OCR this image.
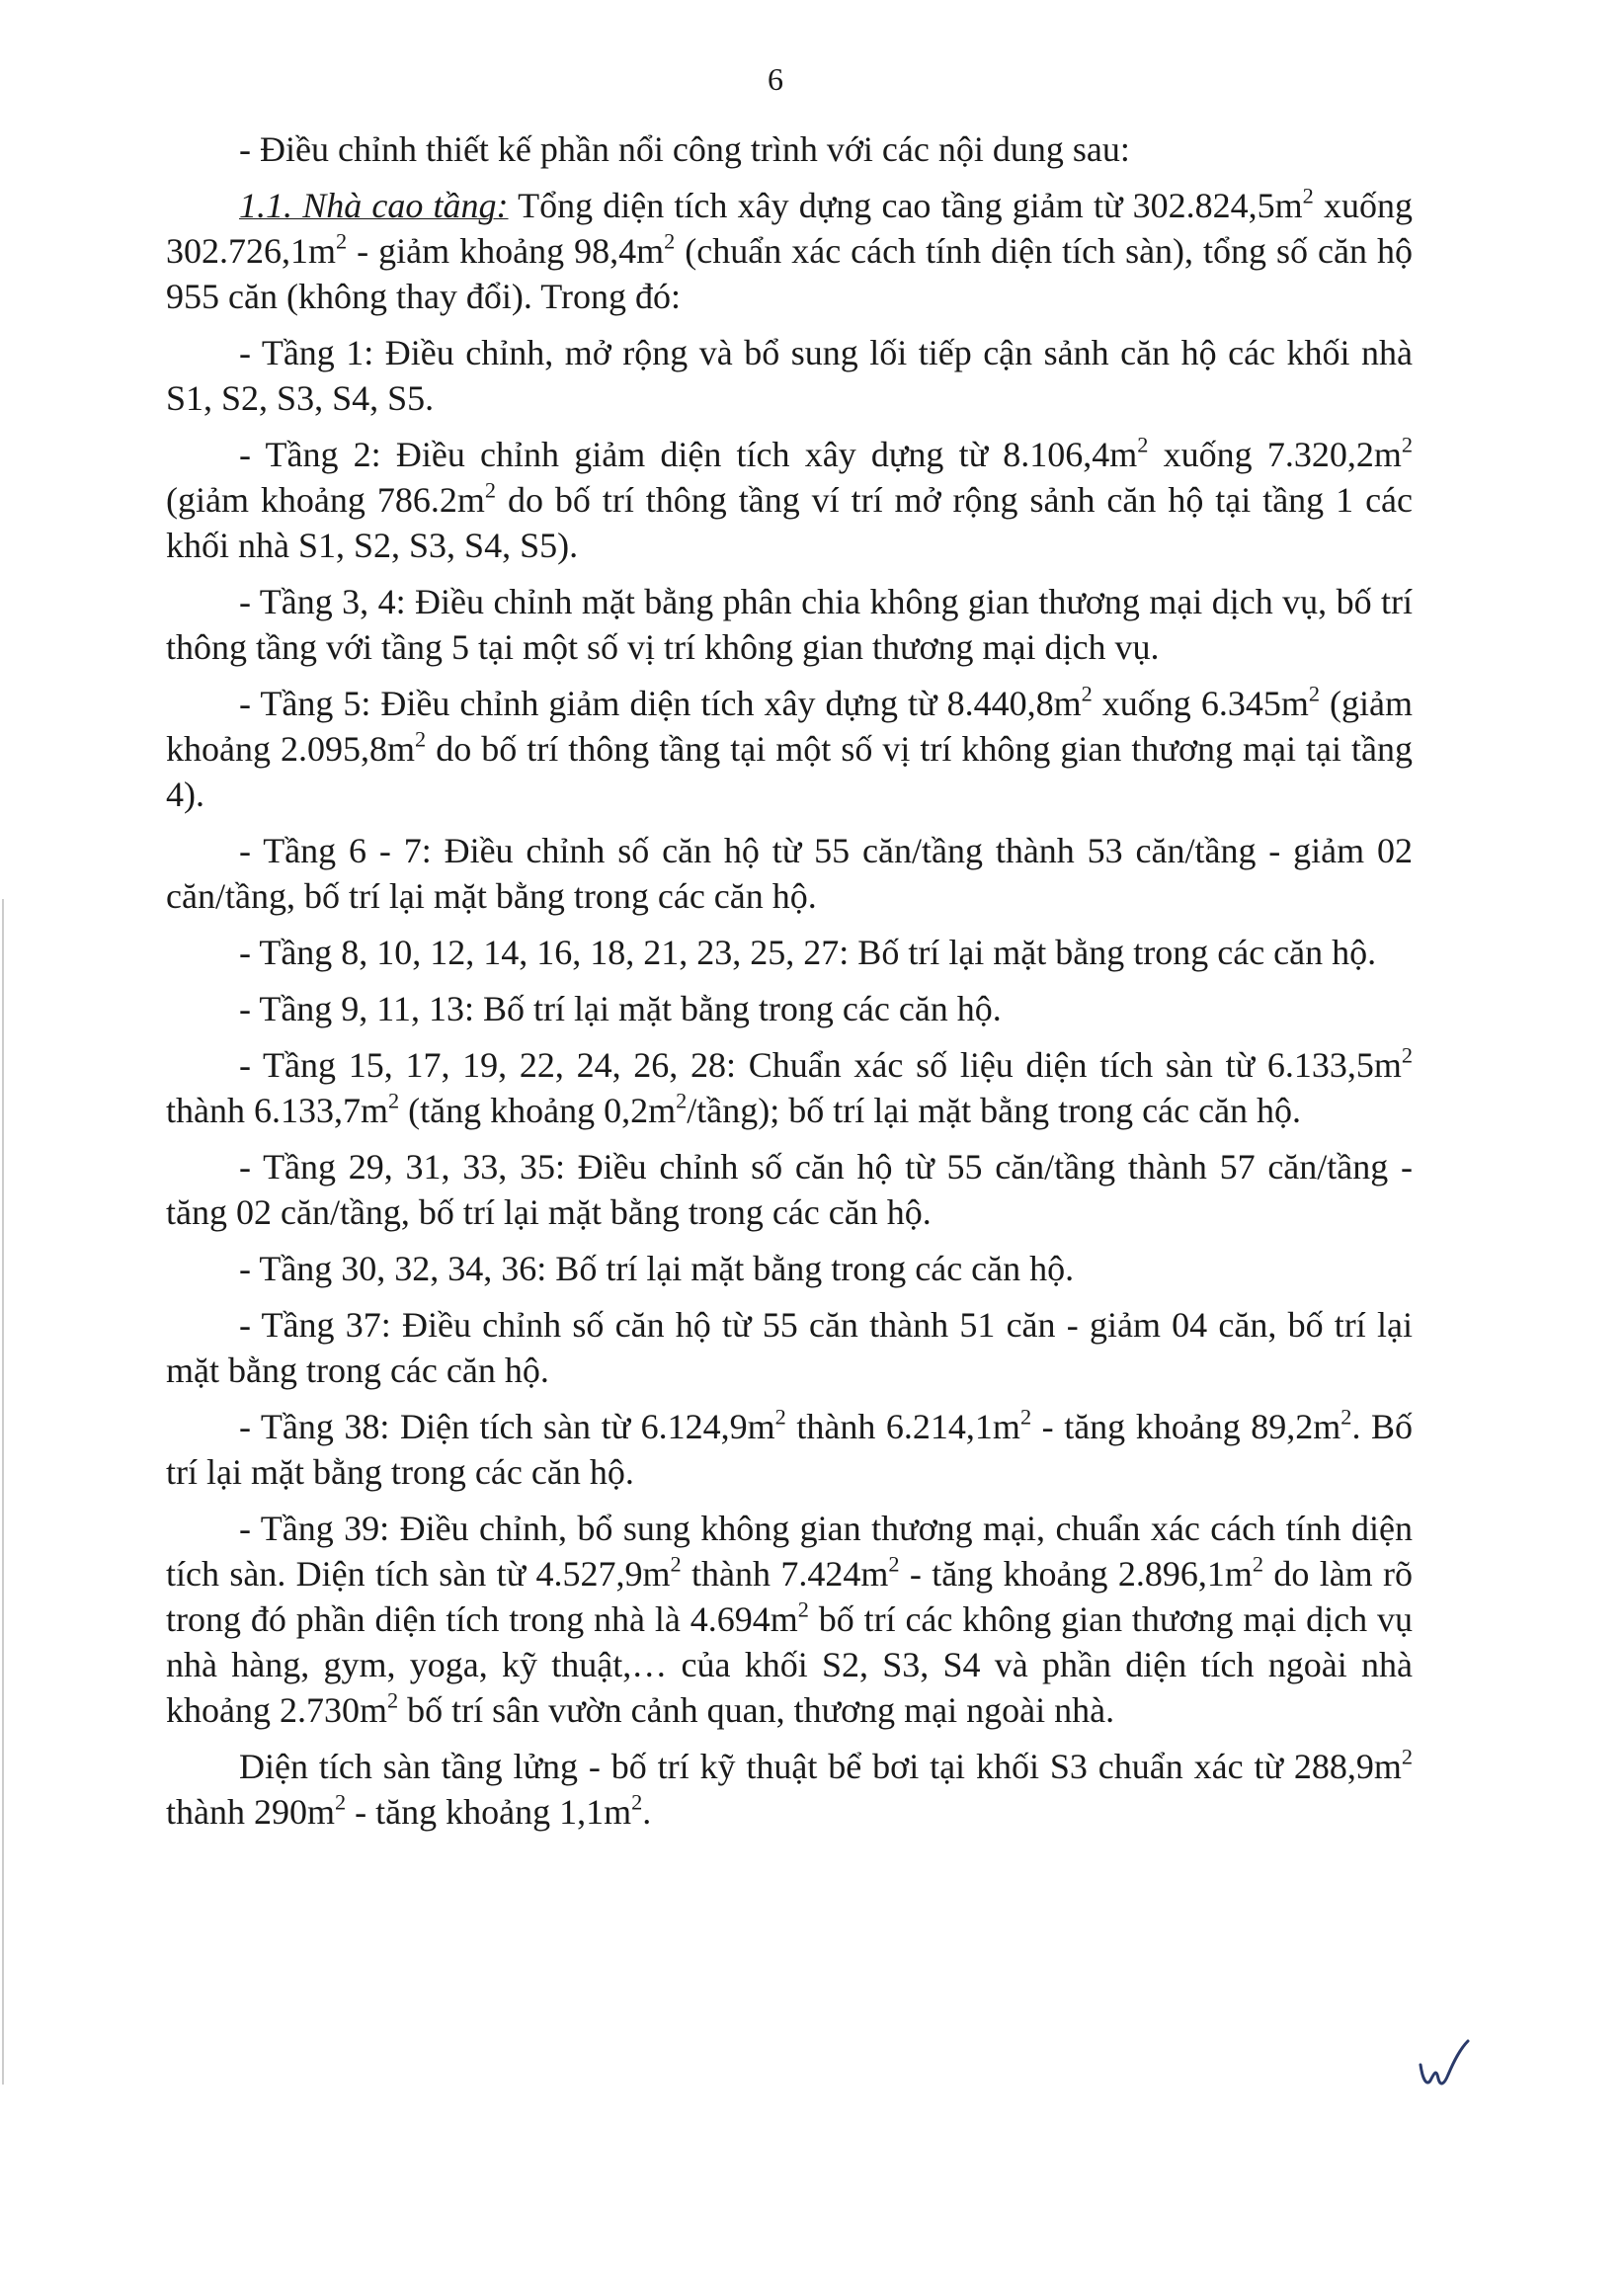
6

- Điều chỉnh thiết kế phần nổi công trình với các nội dung sau:

1.1. Nhà cao tầng: Tổng diện tích xây dựng cao tầng giảm từ $302.824,5m^2$ xuống $302.726,1m^2$ - giảm khoảng $98,4m^2$ (chuẩn xác cách tính diện tích sàn), tổng số căn hộ 955 căn (không thay đổi). Trong đó:

- Tầng 1: Điều chỉnh, mở rộng và bổ sung lối tiếp cận sảnh căn hộ các khối nhà S1, S2, S3, S4, S5.

- Tầng 2: Điều chỉnh giảm diện tích xây dựng từ $8.106,4m^2$ xuống $7.320,2m^2$ (giảm khoảng $786.2m^2$ do bố trí thông tầng ví trí mở rộng sảnh căn hộ tại tầng 1 các khối nhà S1, S2, S3, S4, S5).

- Tầng 3, 4: Điều chỉnh mặt bằng phân chia không gian thương mại dịch vụ, bố trí thông tầng với tầng 5 tại một số vị trí không gian thương mại dịch vụ.

- Tầng 5: Điều chỉnh giảm diện tích xây dựng từ $8.440,8m^2$ xuống $6.345m^2$ (giảm khoảng $2.095,8m^2$ do bố trí thông tầng tại một số vị trí không gian thương mại tại tầng 4).

- Tầng 6 - 7: Điều chỉnh số căn hộ từ 55 căn/tầng thành 53 căn/tầng - giảm 02 căn/tầng, bố trí lại mặt bằng trong các căn hộ.

- Tầng 8, 10, 12, 14, 16, 18, 21, 23, 25, 27: Bố trí lại mặt bằng trong các căn hộ.

- Tầng 9, 11, 13: Bố trí lại mặt bằng trong các căn hộ.

- Tầng 15, 17, 19, 22, 24, 26, 28: Chuẩn xác số liệu diện tích sàn từ $6.133,5m^2$ thành $6.133,7m^2$ (tăng khoảng $0,2m^2/tầng$); bố trí lại mặt bằng trong các căn hộ.

- Tầng 29, 31, 33, 35: Điều chỉnh số căn hộ từ 55 căn/tầng thành 57 căn/tầng - tăng 02 căn/tầng, bố trí lại mặt bằng trong các căn hộ.

- Tầng 30, 32, 34, 36: Bố trí lại mặt bằng trong các căn hộ.

- Tầng 37: Điều chỉnh số căn hộ từ 55 căn thành 51 căn - giảm 04 căn, bố trí lại mặt bằng trong các căn hộ.

- Tầng 38: Diện tích sàn từ $6.124,9m^2$ thành $6.214,1m^2$ - tăng khoảng $89,2m^2$. Bố trí lại mặt bằng trong các căn hộ.

- Tầng 39: Điều chỉnh, bổ sung không gian thương mại, chuẩn xác cách tính diện tích sàn. Diện tích sàn từ $4.527,9m^2$ thành $7.424m^2$ - tăng khoảng $2.896,1m^2$ do làm rõ trong đó phần diện tích trong nhà là $4.694m^2$ bố trí các không gian thương mại dịch vụ nhà hàng, gym, yoga, kỹ thuật,… của khối S2, S3, S4 và phần diện tích ngoài nhà khoảng $2.730m^2$ bố trí sân vườn cảnh quan, thương mại ngoài nhà.

Diện tích sàn tầng lửng - bố trí kỹ thuật bể bơi tại khối S3 chuẩn xác từ $288,9m^2$ thành $290m^2$ - tăng khoảng $1,1m^2$.
